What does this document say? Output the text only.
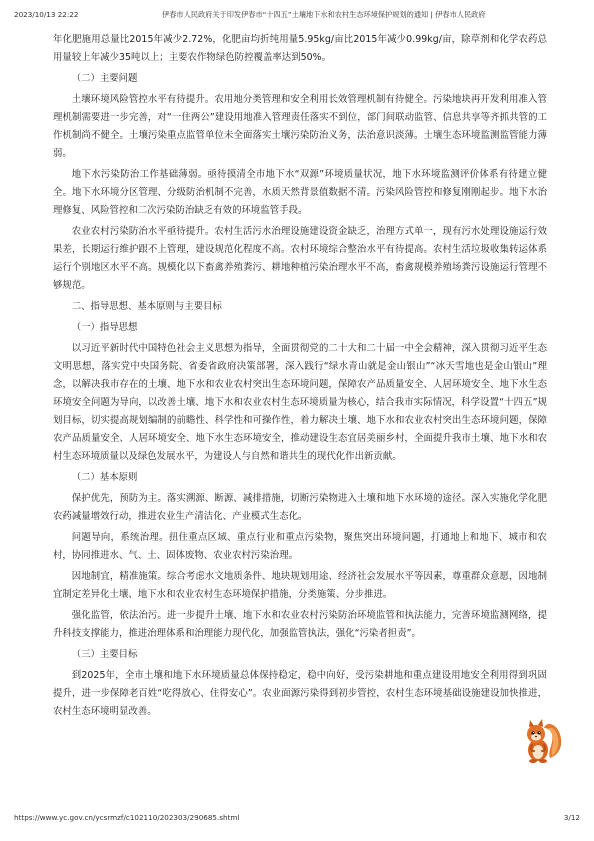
2023/10/13 22:22	伊春市人民政府关于印发伊春市“十四五”土壤地下水和农村生态环境保护规划的通知 | 伊春市人民政府

年化肥施用总量比2015年减少2.72%，化肥亩均折纯用量5.95kg/亩比2015年减少0.99kg/亩，除草剂和化学农药总用量较上年减少35吨以上；主要农作物绿色防控覆盖率达到50%。

（二）主要问题

土壤环境风险管控水平有待提升。农用地分类管理和安全利用长效管理机制有待健全。污染地块再开发利用准入管理机制需要进一步完善，对“一住两公”建设用地准入管理责任落实不到位，部门间联动监管、信息共享等齐抓共管的工作机制尚不健全。土壤污染重点监管单位未全面落实土壤污染防治义务，法治意识淡薄。土壤生态环境监测监管能力薄弱。

地下水污染防治工作基础薄弱。亟待摸清全市地下水“双源”环境质量状况，地下水环境监测评价体系有待建立健全。地下水环境分区管理、分级防治机制不完善，水质天然背景值数据不清。污染风险管控和修复刚刚起步。地下水治理修复、风险管控和二次污染防治缺乏有效的环境监管手段。

农业农村污染防治水平亟待提升。农村生活污水治理设施建设资金缺乏，治理方式单一，现有污水处理设施运行效果差，长期运行维护跟不上管理，建设规范化程度不高。农村环境综合整治水平有待提高。农村生活垃圾收集转运体系运行个别地区水平不高。规模化以下畜禽养殖粪污、耕地种植污染治理水平不高，畜禽规模养殖场粪污设施运行管理不够规范。

二、指导思想、基本原则与主要目标
（一）指导思想

以习近平新时代中国特色社会主义思想为指导，全面贯彻党的二十大和二十届一中全会精神，深入贯彻习近平生态文明思想，落实党中央国务院、省委省政府决策部署，深入践行“绿水青山就是金山银山”“冰天雪地也是金山银山”理念，以解决我市存在的土壤、地下水和农业农村突出生态环境问题，保障农产品质量安全、人居环境安全、地下水生态环境安全问题为导向，以改善土壤、地下水和农业农村生态环境质量为核心，结合我市实际情况，科学设置“十四五”规划目标，切实提高规划编制的前瞻性、科学性和可操作性，着力解决土壤、地下水和农业农村突出生态环境问题，保障农产品质量安全、人居环境安全、地下水生态环境安全，推动建设生态宜居美丽乡村，全面提升我市土壤、地下水和农村生态环境质量以及绿色发展水平，为建设人与自然和谐共生的现代化作出新贡献。

（二）基本原则

保护优先，预防为主。落实溯源、断源、减排措施，切断污染物进入土壤和地下水环境的途径。深入实施化学化肥农药减量增效行动，推进农业生产清洁化、产业模式生态化。

问题导向，系统治理。扭住重点区域、重点行业和重点污染物，聚焦突出环境问题，打通地上和地下、城市和农村，协同推进水、气、土、固体废物、农业农村污染治理。

因地制宜，精准施策。综合考虑水文地质条件、地块规划用途、经济社会发展水平等因素，尊重群众意愿，因地制宜制定差异化土壤、地下水和农业农村生态环境保护措施，分类施策、分步推进。

强化监管，依法治污。进一步提升土壤、地下水和农业农村污染防治环境监管和执法能力，完善环境监测网络，提升科技支撑能力，推进治理体系和治理能力现代化，加强监管执法，强化“污染者担责”。

（三）主要目标

到2025年，全市土壤和地下水环境质量总体保持稳定，稳中向好，受污染耕地和重点建设用地安全利用得到巩固提升，进一步保障老百姓“吃得放心、住得安心”。农业面源污染得到初步管控，农村生态环境基础设施建设加快推进，农村生态环境明显改善。

https://www.yc.gov.cn/ycsrmzf/c102110/202303/290685.shtml	3/12
